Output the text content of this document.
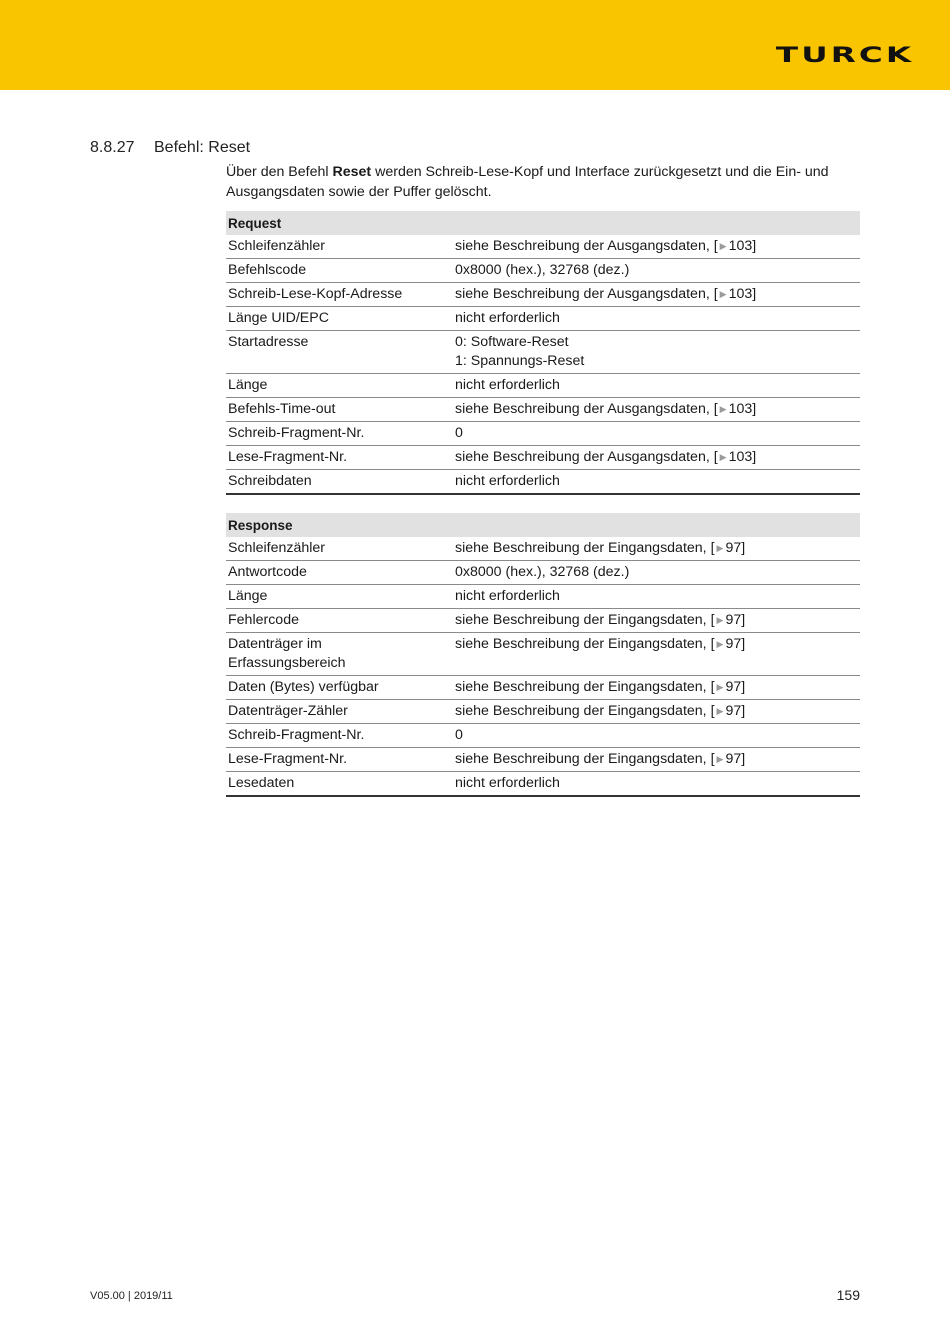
TURCK
8.8.27 Befehl: Reset
Über den Befehl Reset werden Schreib-Lese-Kopf und Interface zurückgesetzt und die Ein- und Ausgangsdaten sowie der Puffer gelöscht.
Request	
Schleifenzähler	siehe Beschreibung der Ausgangsdaten, [ ▶ 103]
Befehlscode	0x8000 (hex.), 32768 (dez.)
Schreib-Lese-Kopf-Adresse	siehe Beschreibung der Ausgangsdaten, [ ▶ 103]
Länge UID/EPC	nicht erforderlich
Startadresse	0: Software-Reset
1: Spannungs-Reset
Länge	nicht erforderlich
Befehls-Time-out	siehe Beschreibung der Ausgangsdaten, [ ▶ 103]
Schreib-Fragment-Nr.	0
Lese-Fragment-Nr.	siehe Beschreibung der Ausgangsdaten, [ ▶ 103]
Schreibdaten	nicht erforderlich
Response	
Schleifenzähler	siehe Beschreibung der Eingangsdaten, [ ▶ 97]
Antwortcode	0x8000 (hex.), 32768 (dez.)
Länge	nicht erforderlich
Fehlercode	siehe Beschreibung der Eingangsdaten, [ ▶ 97]
Datenträger im
Erfassungsbereich	siehe Beschreibung der Eingangsdaten, [ ▶ 97]
Daten (Bytes) verfügbar	siehe Beschreibung der Eingangsdaten, [ ▶ 97]
Datenträger-Zähler	siehe Beschreibung der Eingangsdaten, [ ▶ 97]
Schreib-Fragment-Nr.	0
Lese-Fragment-Nr.	siehe Beschreibung der Eingangsdaten, [ ▶ 97]
Lesedaten	nicht erforderlich
V05.00 | 2019/11	159
